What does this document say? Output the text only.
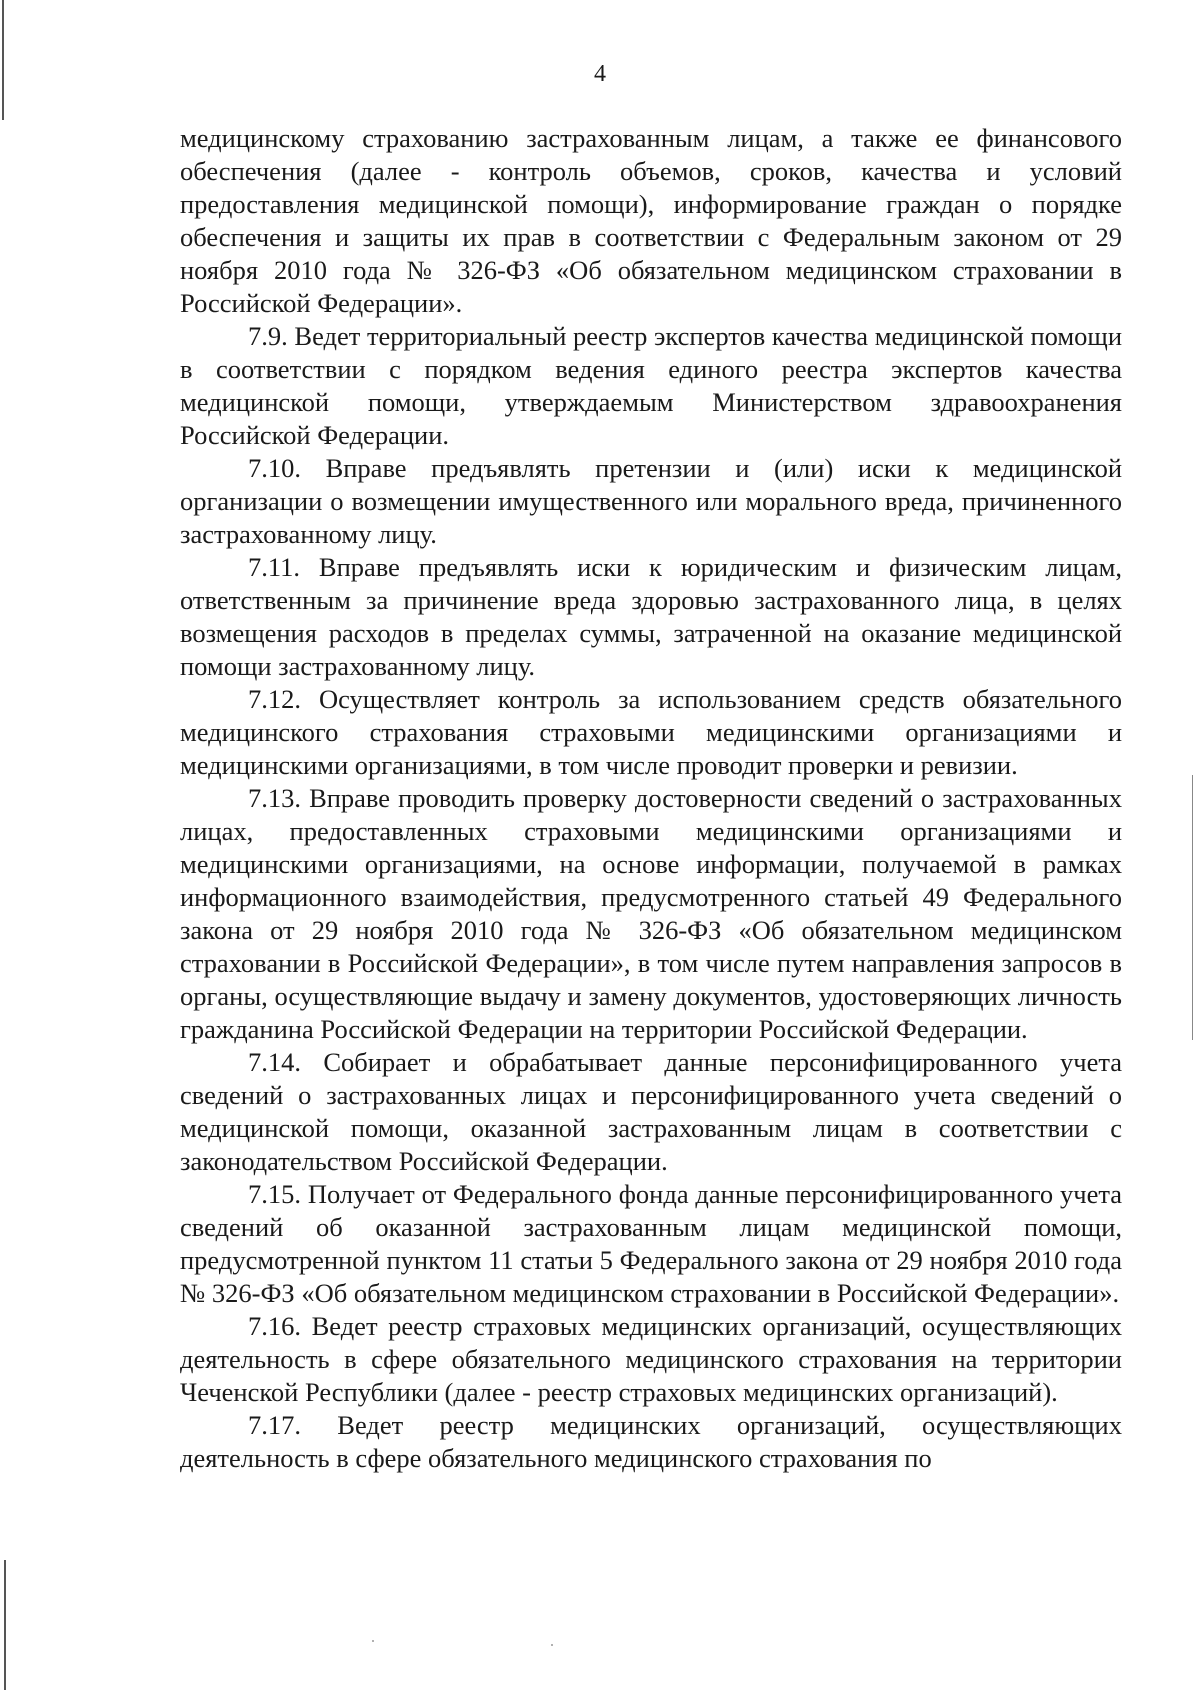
4

медицинскому страхованию застрахованным лицам, а также ее финансового обеспечения (далее - контроль объемов, сроков, качества и условий предоставления медицинской помощи), информирование граждан о порядке обеспечения и защиты их прав в соответствии с Федеральным законом от 29 ноября 2010 года № 326-ФЗ «Об обязательном медицинском страховании в Российской Федерации».

7.9. Ведет территориальный реестр экспертов качества медицинской помощи в соответствии с порядком ведения единого реестра экспертов качества медицинской помощи, утверждаемым Министерством здравоохранения Российской Федерации.

7.10. Вправе предъявлять претензии и (или) иски к медицинской организации о возмещении имущественного или морального вреда, причиненного застрахованному лицу.

7.11. Вправе предъявлять иски к юридическим и физическим лицам, ответственным за причинение вреда здоровью застрахованного лица, в целях возмещения расходов в пределах суммы, затраченной на оказание медицинской помощи застрахованному лицу.

7.12. Осуществляет контроль за использованием средств обязательного медицинского страхования страховыми медицинскими организациями и медицинскими организациями, в том числе проводит проверки и ревизии.

7.13. Вправе проводить проверку достоверности сведений о застрахованных лицах, предоставленных страховыми медицинскими организациями и медицинскими организациями, на основе информации, получаемой в рамках информационного взаимодействия, предусмотренного статьей 49 Федерального закона от 29 ноября 2010 года № 326-ФЗ «Об обязательном медицинском страховании в Российской Федерации», в том числе путем направления запросов в органы, осуществляющие выдачу и замену документов, удостоверяющих личность гражданина Российской Федерации на территории Российской Федерации.

7.14. Собирает и обрабатывает данные персонифицированного учета сведений о застрахованных лицах и персонифицированного учета сведений о медицинской помощи, оказанной застрахованным лицам в соответствии с законодательством Российской Федерации.

7.15. Получает от Федерального фонда данные персонифицированного учета сведений об оказанной застрахованным лицам медицинской помощи, предусмотренной пунктом 11 статьи 5 Федерального закона от 29 ноября 2010 года № 326-ФЗ «Об обязательном медицинском страховании в Российской Федерации».

7.16. Ведет реестр страховых медицинских организаций, осуществляющих деятельность в сфере обязательного медицинского страхования на территории Чеченской Республики (далее - реестр страховых медицинских организаций).

7.17. Ведет реестр медицинских организаций, осуществляющих деятельность в сфере обязательного медицинского страхования по
